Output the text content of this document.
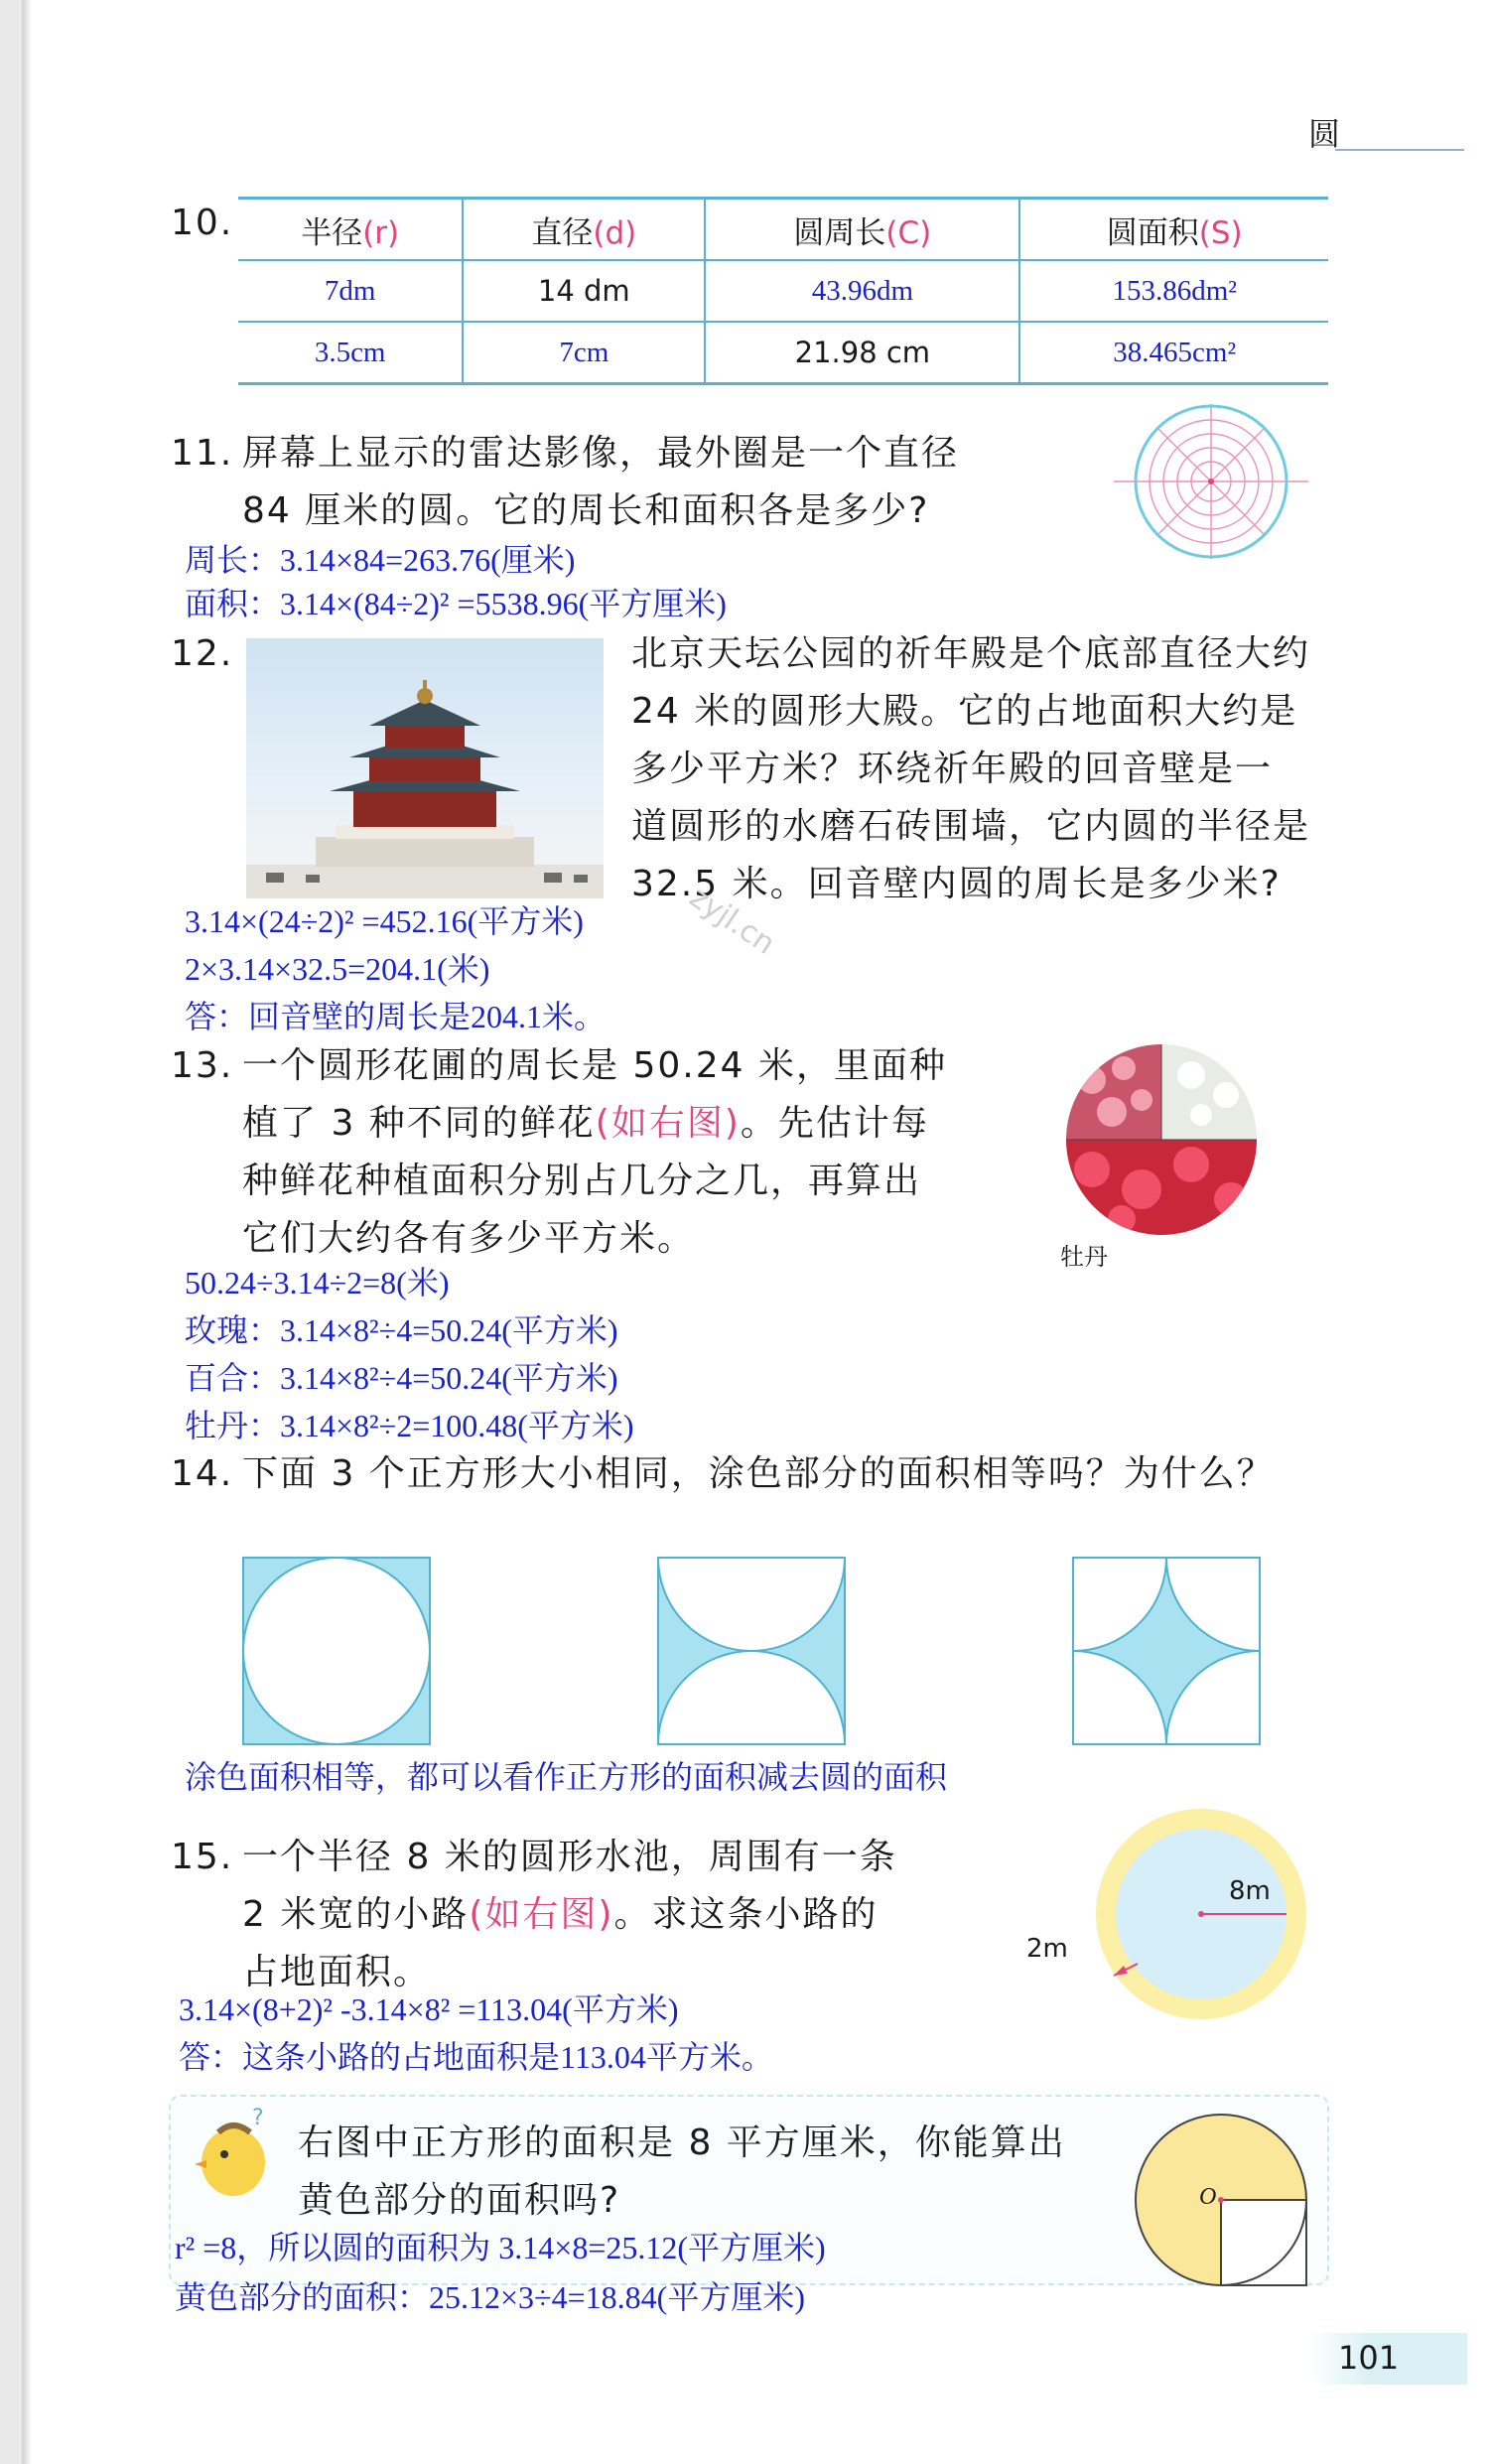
圆
10. 半径(r)	直径(d)	圆周长(C)	圆面积(S)
7dm	14 dm	43.96dm	153.86dm²
3.5cm	7cm	21.98 cm	38.465cm²
11. 屏幕上显示的雷达影像，最外圈是一个直径
84 厘米的圆。它的周长和面积各是多少?
周长：3.14×84=263.76(厘米)
面积：3.14×(84÷2)² =5538.96(平方厘米)
12.	北京天坛公园的祈年殿是个底部直径大约
24 米的圆形大殿。它的占地面积大约是
多少平方米？环绕祈年殿的回音壁是一
道圆形的水磨石砖围墙，它内圆的半径是
32.5 米。回音壁内圆的周长是多少米?
3.14×(24÷2)² =452.16(平方米)
2×3.14×32.5=204.1(米)
答：回音壁的周长是204.1米。
zyjl.cn
13. 一个圆形花圃的周长是 50.24 米，里面种
植了 3 种不同的鲜花(如右图)。先估计每
种鲜花种植面积分别占几分之几，再算出
它们大约各有多少平方米。	牡丹
50.24÷3.14÷2=8(米)
玫瑰：3.14×8²÷4=50.24(平方米)
百合：3.14×8²÷4=50.24(平方米)
牡丹：3.14×8²÷2=100.48(平方米)
14. 下面 3 个正方形大小相同，涂色部分的面积相等吗？为什么？
涂色面积相等，都可以看作正方形的面积减去圆的面积
15. 一个半径 8 米的圆形水池，周围有一条
2 米宽的小路(如右图)。求这条小路的
占地面积。
8m
2m
3.14×(8+2)² -3.14×8² =113.04(平方米)
答：这条小路的占地面积是113.04平方米。
?
右图中正方形的面积是 8 平方厘米，你能算出
黄色部分的面积吗?	O
r² =8，所以圆的面积为 3.14×8=25.12(平方厘米)
黄色部分的面积：25.12×3÷4=18.84(平方厘米)
101
